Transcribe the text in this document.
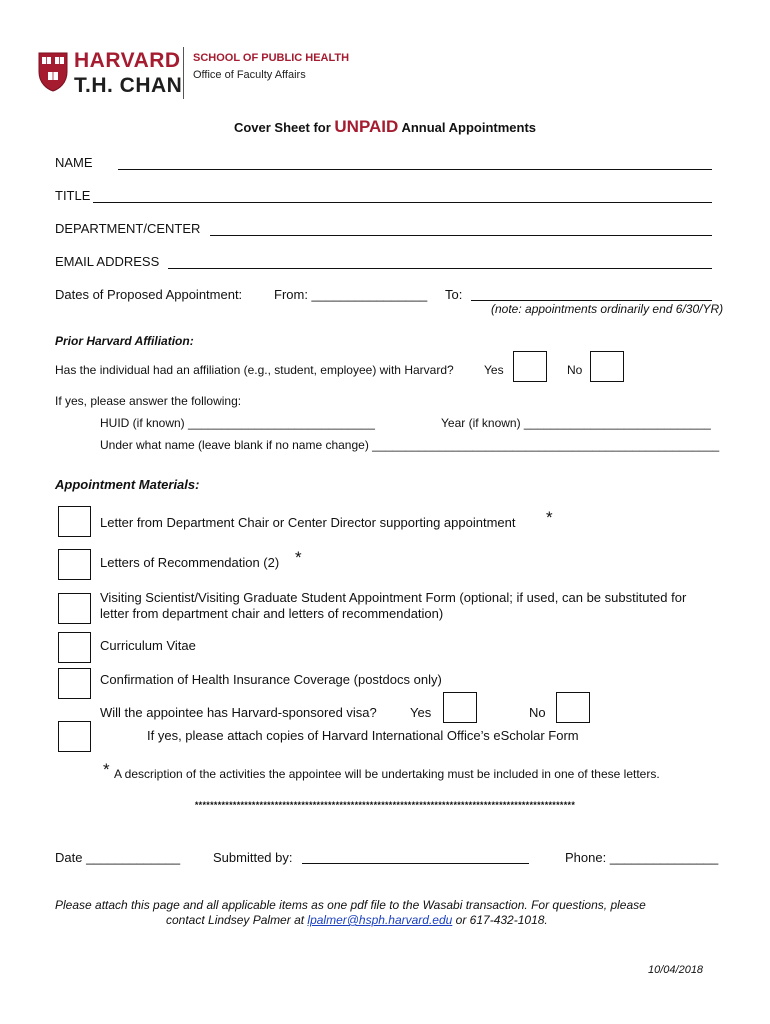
HARVARD
T.H. CHAN
SCHOOL OF PUBLIC HEALTH
Office of Faculty Affairs
Cover Sheet for UNPAID Annual Appointments
NAME
TITLE
DEPARTMENT/CENTER
EMAIL ADDRESS
Dates of Proposed Appointment: From: ________________ To:
(note: appointments ordinarily end 6/30/YR)
Prior Harvard Affiliation:
Has the individual had an affiliation (e.g., student, employee) with Harvard?	Yes	No
If yes, please answer the following:
HUID (if known) ____________________________	Year (if known) ____________________________
Under what name (leave blank if no name change) ____________________________________________________
Appointment Materials:
Letter from Department Chair or Center Director supporting appointment *
Letters of Recommendation (2) *
Visiting Scientist/Visiting Graduate Student Appointment Form (optional; if used, can be substituted for
letter from department chair and letters of recommendation)
Curriculum Vitae
Confirmation of Health Insurance Coverage (postdocs only)
Will the appointee has Harvard-sponsored visa?	Yes	No
If yes, please attach copies of Harvard International Office’s eScholar Form
* A description of the activities the appointee will be undertaking must be included in one of these letters.
****************************************************************************************************
Date _____________	Submitted by:	Phone: _______________
Please attach this page and all applicable items as one pdf file to the Wasabi transaction. For questions, please
contact Lindsey Palmer at lpalmer@hsph.harvard.edu or 617-432-1018.
10/04/2018
